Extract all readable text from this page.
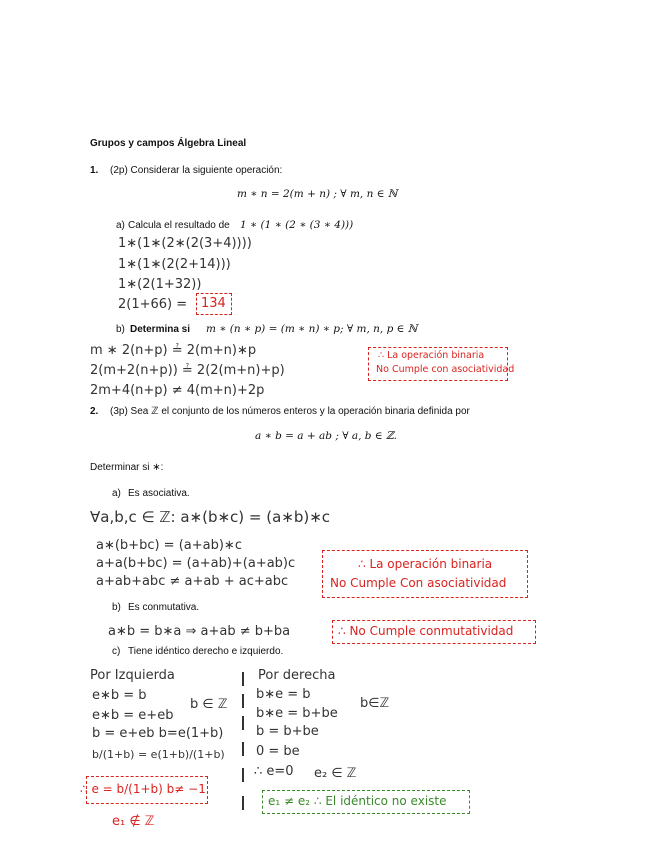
Grupos y campos Álgebra Lineal
1. (2p) Considerar la siguiente operación:
m ∗ n = 2(m + n) ; ∀ m, n ∈ ℕ
a) Calcula el resultado de 1 ∗ (1 ∗ (2 ∗ (3 ∗ 4)))
1∗(1∗(2∗(2(3+4))))
1∗(1∗(2(2+14)))
1∗(2(1+32))
2(1+66) = 134
b) Determina si m ∗ (n ∗ p) = (m ∗ n) ∗ p; ∀ m, n, p ∈ ℕ
m ∗ 2(n+p) ≟ 2(m+n)∗p
2(m+2(n+p)) ≟ 2(2(m+n)+p)
2m+4(n+p) ≠ 4(m+n)+2p
∴ La operación binaria
No Cumple con asociatividad
2. (3p) Sea ℤ el conjunto de los números enteros y la operación binaria definida por
a ∗ b = a + ab ; ∀ a, b ∈ ℤ.
Determinar si ∗:
a) Es asociativa.
∀a,b,c ∈ ℤ: a∗(b∗c) = (a∗b)∗c
a∗(b+bc) = (a+ab)∗c
a+a(b+bc) = (a+ab)+(a+ab)c
a+ab+abc ≠ a+ab + ac+abc
∴ La operación binaria
No Cumple Con asociatividad
b) Es conmutativa.
a∗b = b∗a ⇒ a+ab ≠ b+ba	∴ No Cumple conmutatividad
c) Tiene idéntico derecho e izquierdo.
Por Izquierda
e∗b = b
e∗b = e+eb
b = e+eb b=e(1+b)
b/(1+b) = e(1+b)/(1+b)
b ∈ ℤ
∴ e = b/(1+b) b≠ −1
e₁ ∉ ℤ
Por derecha
b∗e = b
b∗e = b+be
b = b+be
0 = be
∴ e=0
b∈ℤ
e₂ ∈ ℤ
e₁ ≠ e₂ ∴ El idéntico no existe
